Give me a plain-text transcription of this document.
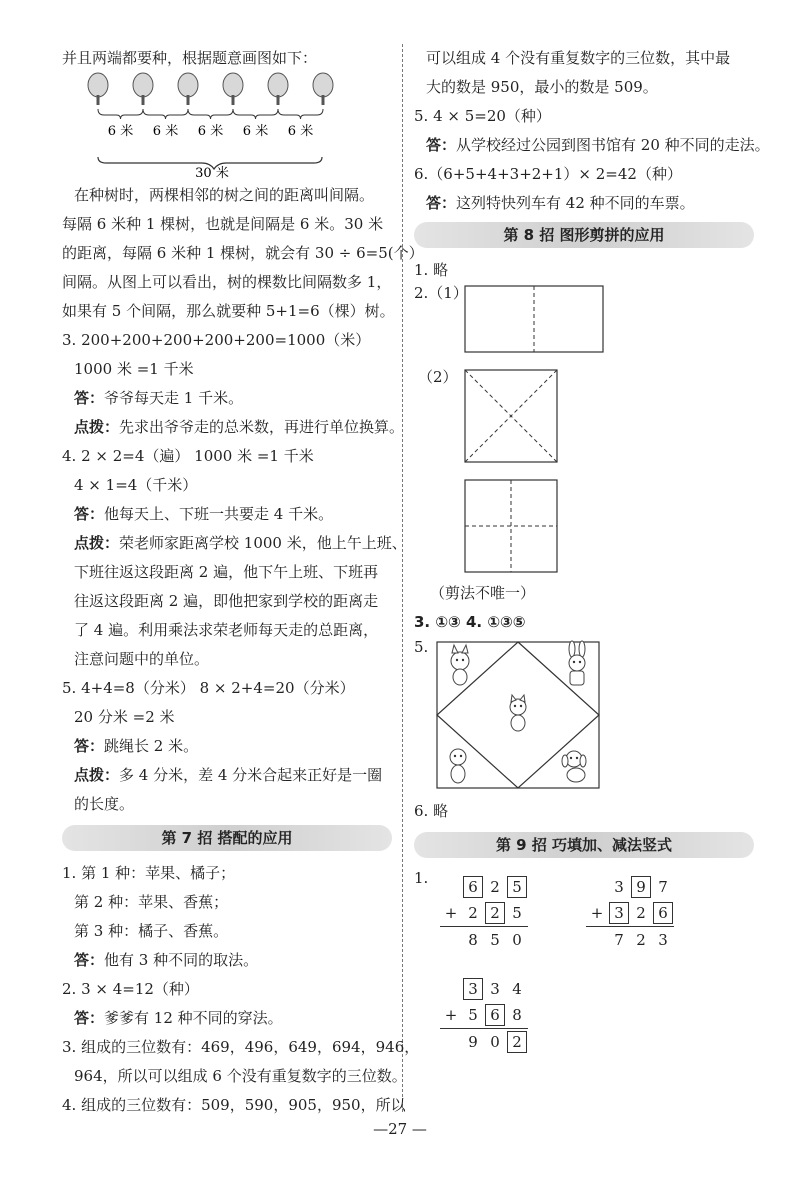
并且两端都要种，根据题意画图如下：
6 米 6 米 6 米 6 米 6 米
30 米
在种树时，两棵相邻的树之间的距离叫间隔。
每隔 6 米种 1 棵树，也就是间隔是 6 米。30 米
的距离，每隔 6 米种 1 棵树，就会有 30 ÷ 6=5(个）
间隔。从图上可以看出，树的棵数比间隔数多 1，
如果有 5 个间隔，那么就要种 5+1=6（棵）树。
3. 200+200+200+200+200=1000（米）
1000 米 =1 千米
答：爷爷每天走 1 千米。
点拨：先求出爷爷走的总米数，再进行单位换算。
4. 2 × 2=4（遍） 1000 米 =1 千米
4 × 1=4（千米）
答：他每天上、下班一共要走 4 千米。
点拨：荣老师家距离学校 1000 米，他上午上班、
下班往返这段距离 2 遍，他下午上班、下班再
往返这段距离 2 遍，即他把家到学校的距离走
了 4 遍。利用乘法求荣老师每天走的总距离，
注意问题中的单位。
5. 4+4=8（分米） 8 × 2+4=20（分米）
20 分米 =2 米
答：跳绳长 2 米。
点拨：多 4 分米，差 4 分米合起来正好是一圈
的长度。
第 7 招 搭配的应用
1. 第 1 种：苹果、橘子；
第 2 种：苹果、香蕉；
第 3 种：橘子、香蕉。
答：他有 3 种不同的取法。
2. 3 × 4=12（种）
答：爹爹有 12 种不同的穿法。
3. 组成的三位数有：469，496，649，694，946，
964，所以可以组成 6 个没有重复数字的三位数。
4. 组成的三位数有：509，590，905，950，所以
可以组成 4 个没有重复数字的三位数，其中最
大的数是 950，最小的数是 509。
5. 4 × 5=20（种）
答：从学校经过公园到图书馆有 20 种不同的走法。
6.（6+5+4+3+2+1）× 2=42（种）
答：这列特快列车有 42 种不同的车票。
第 8 招 图形剪拼的应用
1. 略
2.（1）
（2）
（剪法不唯一）
3. ①③ 4. ①③⑤
5.
6. 略
第 9 招 巧填加、减法竖式
1.	6 2 5
+ 2 2 5
8 5 0
3 9 7
+ 3 2 6
7 2 3
3 3 4
+ 5 6 8
9 0 2
—27 —
